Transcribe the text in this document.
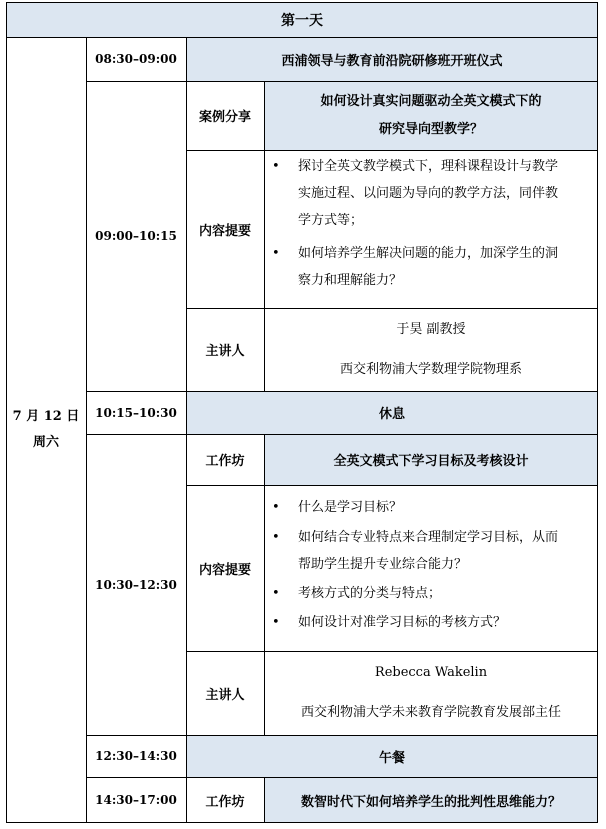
第一天
西浦领导与教育前沿院研修班开班仪式
如何设计真实问题驱动全英文模式下的
研究导向型教学？
休息
全英文模式下学习目标及考核设计
午餐
数智时代下如何培养学生的批判性思维能力？
7 月 12 日
周六
08:30–09:00
09:00–10:15
10:15–10:30
10:30–12:30
12:30–14:30
14:30–17:00
案例分享
内容提要
主讲人
工作坊
内容提要
主讲人
工作坊
• 探讨全英文教学模式下，理科课程设计与教学
实施过程、以问题为导向的教学方法，同伴教
学方式等；
• 如何培养学生解决问题的能力，加深学生的洞
察力和理解能力？
于昊 副教授
西交利物浦大学数理学院物理系
• 什么是学习目标？
• 如何结合专业特点来合理制定学习目标，从而
帮助学生提升专业综合能力？
• 考核方式的分类与特点；
• 如何设计对准学习目标的考核方式？
Rebecca Wakelin
西交利物浦大学未来教育学院教育发展部主任
